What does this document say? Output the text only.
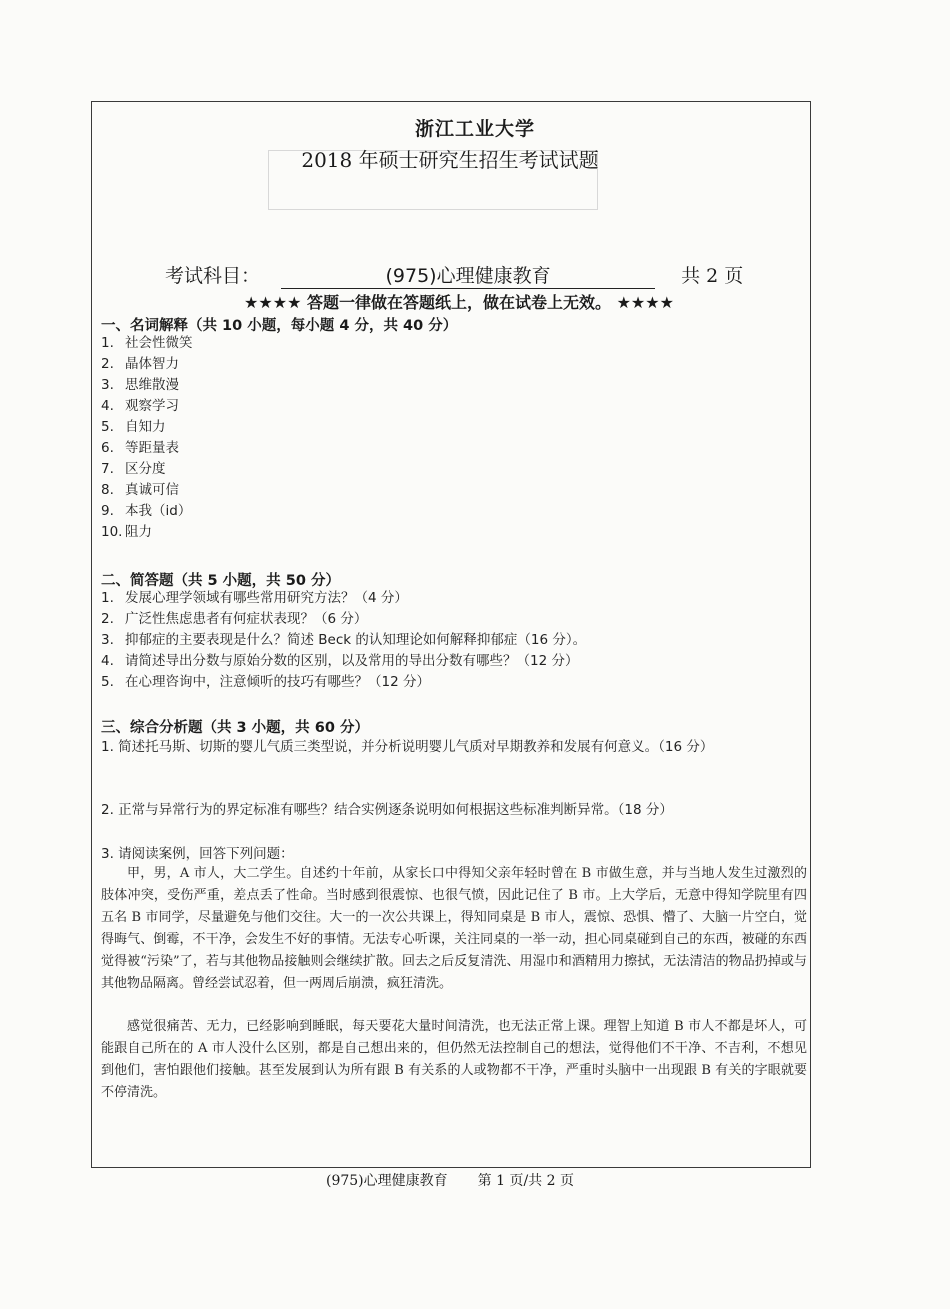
浙江工业大学
2018 年硕士研究生招生考试试题
考试科目：	(975)心理健康教育	共 2 页
★★★★ 答题一律做在答题纸上，做在试卷上无效。 ★★★★
一、名词解释（共 10 小题，每小题 4 分，共 40 分）
1. 社会性微笑
2. 晶体智力
3. 思维散漫
4. 观察学习
5. 自知力
6. 等距量表
7. 区分度
8. 真诚可信
9. 本我（id）
10. 阻力
二、简答题（共 5 小题，共 50 分）
1. 发展心理学领域有哪些常用研究方法？（4 分）
2. 广泛性焦虑患者有何症状表现？（6 分）
3. 抑郁症的主要表现是什么？简述 Beck 的认知理论如何解释抑郁症（16 分）。
4. 请简述导出分数与原始分数的区别，以及常用的导出分数有哪些？（12 分）
5. 在心理咨询中，注意倾听的技巧有哪些？（12 分）
三、综合分析题（共 3 小题，共 60 分）
1. 简述托马斯、切斯的婴儿气质三类型说，并分析说明婴儿气质对早期教养和发展有何意义。（16 分）
2. 正常与异常行为的界定标准有哪些？结合实例逐条说明如何根据这些标准判断异常。（18 分）
3. 请阅读案例，回答下列问题：

甲，男，A 市人，大二学生。自述约十年前，从家长口中得知父亲年轻时曾在 B 市做生意，并与当地人发生过激烈的肢体冲突，受伤严重，差点丢了性命。当时感到很震惊、也很气愤，因此记住了 B 市。上大学后，无意中得知学院里有四五名 B 市同学，尽量避免与他们交往。大一的一次公共课上，得知同桌是 B 市人，震惊、恐惧、懵了、大脑一片空白，觉得晦气、倒霉，不干净，会发生不好的事情。无法专心听课，关注同桌的一举一动，担心同桌碰到自己的东西，被碰的东西觉得被“污染”了，若与其他物品接触则会继续扩散。回去之后反复清洗、用湿巾和酒精用力擦拭，无法清洁的物品扔掉或与其他物品隔离。曾经尝试忍着，但一两周后崩溃，疯狂清洗。

感觉很痛苦、无力，已经影响到睡眠，每天要花大量时间清洗，也无法正常上课。理智上知道 B 市人不都是坏人，可能跟自己所在的 A 市人没什么区别，都是自己想出来的，但仍然无法控制自己的想法，觉得他们不干净、不吉利，不想见到他们，害怕跟他们接触。甚至发展到认为所有跟 B 有关系的人或物都不干净，严重时头脑中一出现跟 B 有关的字眼就要不停清洗。

(975)心理健康教育 第 1 页/共 2 页
